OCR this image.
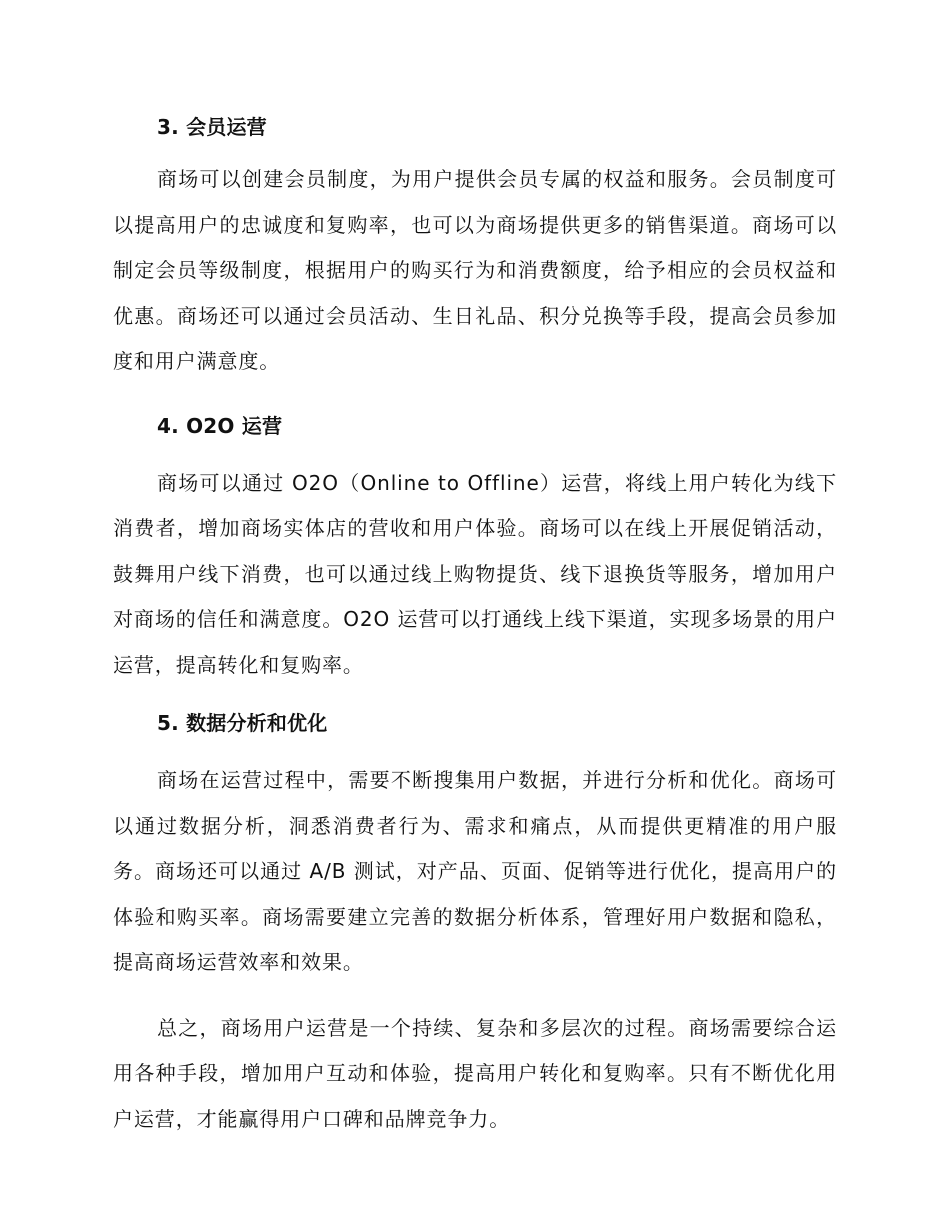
3. 会员运营

商场可以创建会员制度，为用户提供会员专属的权益和服务。会员制度可以提高用户的忠诚度和复购率，也可以为商场提供更多的销售渠道。商场可以制定会员等级制度，根据用户的购买行为和消费额度，给予相应的会员权益和优惠。商场还可以通过会员活动、生日礼品、积分兑换等手段，提高会员参加度和用户满意度。

4. O2O 运营

商场可以通过 O2O（Online to Offline）运营，将线上用户转化为线下消费者，增加商场实体店的营收和用户体验。商场可以在线上开展促销活动，鼓舞用户线下消费，也可以通过线上购物提货、线下退换货等服务，增加用户对商场的信任和满意度。O2O 运营可以打通线上线下渠道，实现多场景的用户运营，提高转化和复购率。

5. 数据分析和优化

商场在运营过程中，需要不断搜集用户数据，并进行分析和优化。商场可以通过数据分析，洞悉消费者行为、需求和痛点，从而提供更精准的用户服务。商场还可以通过 A/B 测试，对产品、页面、促销等进行优化，提高用户的体验和购买率。商场需要建立完善的数据分析体系，管理好用户数据和隐私，提高商场运营效率和效果。

总之，商场用户运营是一个持续、复杂和多层次的过程。商场需要综合运用各种手段，增加用户互动和体验，提高用户转化和复购率。只有不断优化用户运营，才能赢得用户口碑和品牌竞争力。
